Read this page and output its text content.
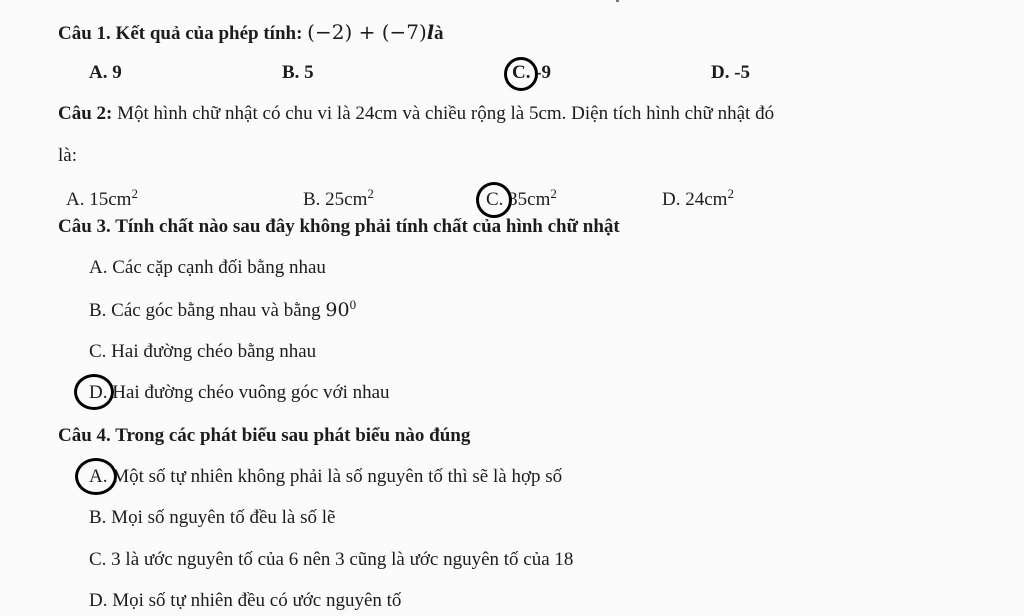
Câu 1. Kết quả của phép tính: (−2) + (−7)là
A. 9	B. 5	C. -9	D. -5
Câu 2: Một hình chữ nhật có chu vi là 24cm và chiều rộng là 5cm. Diện tích hình chữ nhật đó
là:
A. $15cm^2$	B. $25cm^2$	C. $35cm^2$	D. $24cm^2$
Câu 3. Tính chất nào sau đây không phải tính chất của hình chữ nhật
A. Các cặp cạnh đối bằng nhau
B. Các góc bằng nhau và bằng $90^0$
C. Hai đường chéo bằng nhau
D. Hai đường chéo vuông góc với nhau
Câu 4. Trong các phát biểu sau phát biểu nào đúng
A. Một số tự nhiên không phải là số nguyên tố thì sẽ là hợp số
B. Mọi số nguyên tố đều là số lẽ
C. 3 là ước nguyên tố của 6 nên 3 cũng là ước nguyên tố của 18
D. Mọi số tự nhiên đều có ước nguyên tố
